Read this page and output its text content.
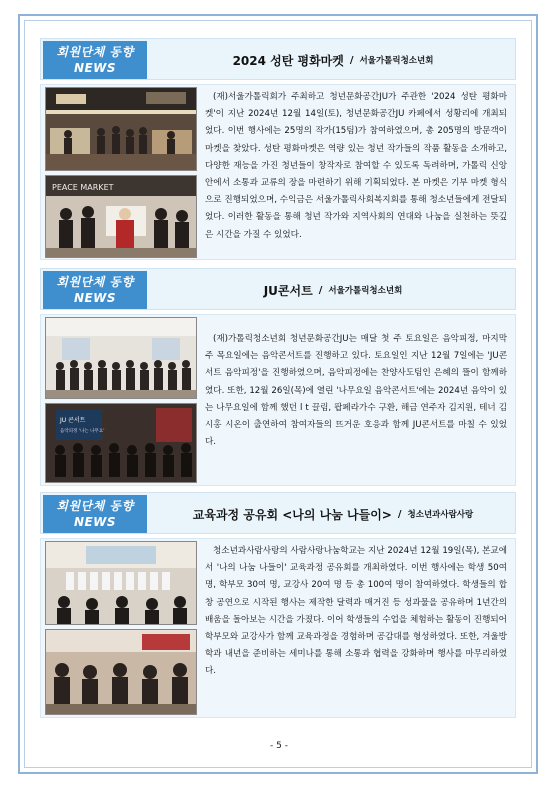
회원단체 동향
NEWS
2024 성탄 평화마켓 / 서울가톨릭청소년회
PEACE MARKET
(재)서울가톨릭회가 주최하고 청년문화공간JU가 주관한 '2024 성탄 평화마켓'이 지난 2024년 12월 14일(토), 청년문화공간JU 카페에서 성황리에 개최되었다. 이번 행사에는 25명의 작가(15팀)가 참여하였으며, 총 205명의 방문객이 마켓을 찾았다. 성탄 평화마켓은 역량 있는 청년 작가들의 작품 활동을 소개하고, 다양한 재능을 가진 청년들이 창작자로 참여할 수 있도록 독려하며, 가톨릭 신앙 안에서 소통과 교류의 장을 마련하기 위해 기획되었다. 본 마켓은 기부 마켓 형식으로 진행되었으며, 수익금은 서울가톨릭사회복지회를 통해 청소년들에게 전달되었다. 이러한 활동을 통해 청년 작가와 지역사회의 연대와 나눔을 실천하는 뜻깊은 시간을 가질 수 있었다.
회원단체 동향
NEWS
JU콘서트 / 서울가톨릭청소년회
JU 콘서트
음악피정 '나는 나무요'
(재)가톨릭청소년회 청년문화공간JU는 매달 첫 주 토요일은 음악피정, 마지막 주 목요일에는 음악콘서트를 진행하고 있다. 토요일인 지난 12월 7일에는 'JU콘서트 음악피정'을 진행하였으며, 음악피정에는 찬양사도팀인 은혜의 뜰이 함께하였다. 또한, 12월 26일(목)에 열린 '나무요일 음악콘서트'에는 2024년 음악이 있는 나무요일에 함께 했던 l t 끌림, 팝페라가수 구환, 해금 연주자 김지원, 테너 김시홍 시온이 출연하여 참여자들의 뜨거운 호응과 함께 JU콘서트를 마칠 수 있었다.
회원단체 동향
NEWS
교육과정 공유회 <나의 나눔 나들이> / 청소년과사람사랑
청소년과사람사랑의 사람사랑나눔학교는 지난 2024년 12월 19일(목), 본교에서 '나의 나눔 나들이' 교육과정 공유회를 개최하였다. 이번 행사에는 학생 50여 명, 학부모 30여 명, 교강사 20여 명 등 총 100여 명이 참여하였다. 학생들의 합창 공연으로 시작된 행사는 제작한 달력과 매거진 등 성과물을 공유하며 1년간의 배움을 돌아보는 시간을 가졌다. 이어 학생들의 수업을 체험하는 활동이 진행되어 학부모와 교강사가 함께 교육과정을 경험하며 공감대를 형성하였다. 또한, 겨울방학과 내년을 준비하는 세미나를 통해 소통과 협력을 강화하며 행사를 마무리하였다.
- 5 -
